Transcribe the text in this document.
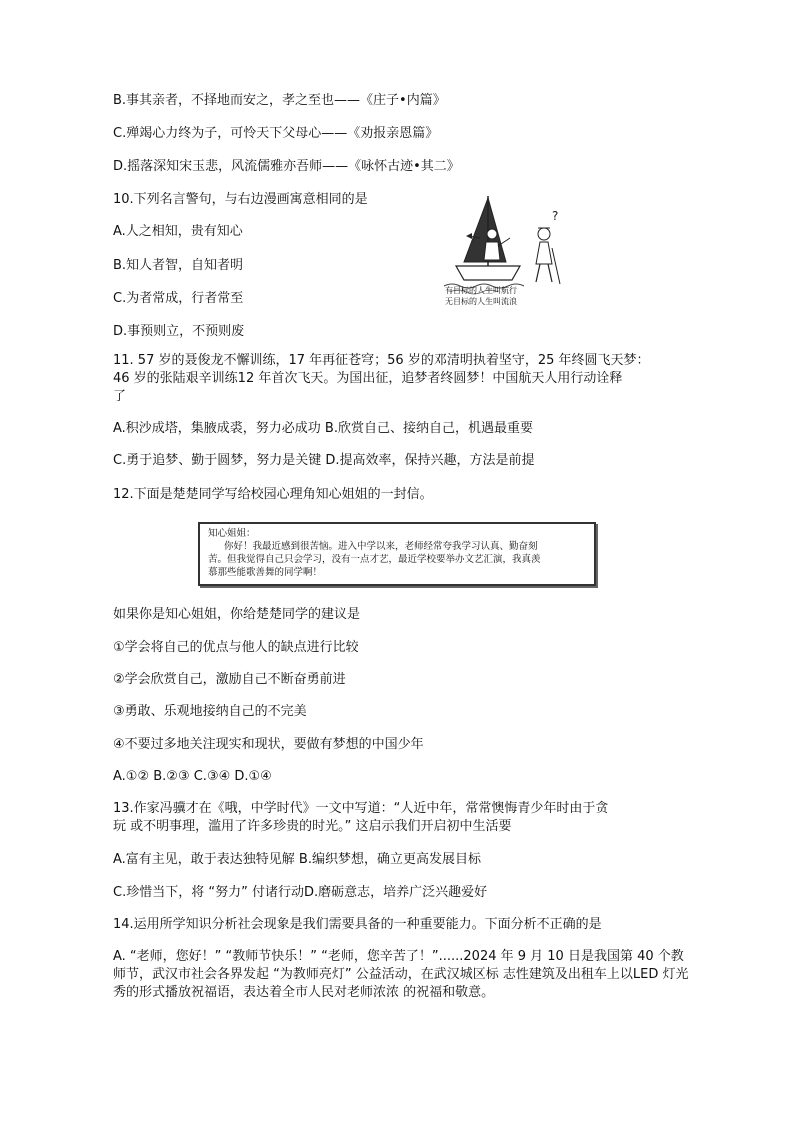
B.事其亲者，不择地而安之，孝之至也——《庄子•内篇》
C.殚竭心力终为子，可怜天下父母心——《劝报亲恩篇》
D.摇落深知宋玉悲，风流儒雅亦吾师——《咏怀古迹•其二》
10.下列名言警句，与右边漫画寓意相同的是
A.人之相知，贵有知心
B.知人者智，自知者明
C.为者常成，行者常至
D.事预则立，不预则废
?
有目标的人生叫航行
无目标的人生叫流浪
11. 57 岁的聂俊龙不懈训练，17 年再征苍穹；56 岁的邓清明执着坚守，25 年终圆飞天梦：
46 岁的张陆艰辛训练12 年首次飞天。为国出征，追梦者终圆梦！中国航天人用行动诠释
了
A.积沙成塔，集腋成裘，努力必成功 B.欣赏自己、接纳自己，机遇最重要
C.勇于追梦、勤于圆梦，努力是关键 D.提高效率，保持兴趣，方法是前提
12.下面是楚楚同学写给校园心理角知心姐姐的一封信。
知心姐姐：
你好！我最近感到很苦恼。进入中学以来，老师经常夸我学习认真、勤奋刻
苦。但我觉得自己只会学习，没有一点才艺，最近学校要举办文艺汇演，我真羡
慕那些能歌善舞的同学啊！
如果你是知心姐姐，你给楚楚同学的建议是
①学会将自己的优点与他人的缺点进行比较
②学会欣赏自己，激励自己不断奋勇前进
③勇敢、乐观地接纳自己的不完美
④不要过多地关注现实和现状，要做有梦想的中国少年
A.①② B.②③ C.③④ D.①④
13.作家冯骥才在《哦，中学时代》一文中写道：“人近中年，常常懊悔青少年时由于贪
玩 或不明事理，滥用了许多珍贵的时光。” 这启示我们开启初中生活要
A.富有主见，敢于表达独特见解 B.编织梦想，确立更高发展目标
C.珍惜当下，将 “努力” 付诸行动D.磨砺意志，培养广泛兴趣爱好
14.运用所学知识分析社会现象是我们需要具备的一种重要能力。下面分析不正确的是
A. “老师，您好！” “教师节快乐！” “老师，您辛苦了！”......2024 年 9 月 10 日是我国第 40 个教师节，武汉市社会各界发起 “为教师亮灯” 公益活动，在武汉城区标 志性建筑及出租车上以LED 灯光秀的形式播放祝福语，表达着全市人民对老师浓浓 的祝福和敬意。
